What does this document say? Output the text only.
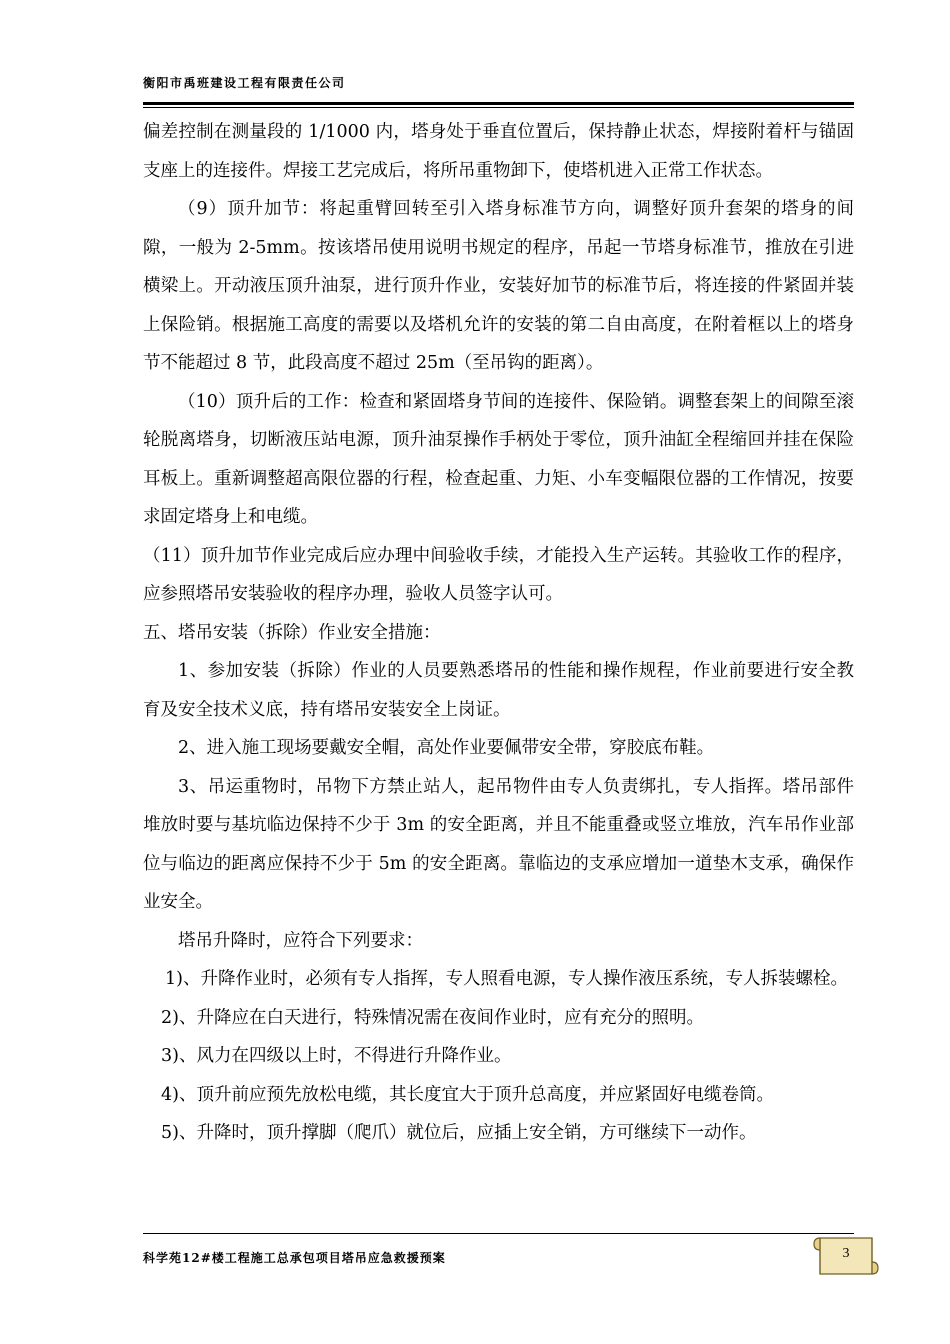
衡阳市禹班建设工程有限责任公司

偏差控制在测量段的 1/1000 内，塔身处于垂直位置后，保持静止状态，焊接附着杆与锚固支座上的连接件。焊接工艺完成后，将所吊重物卸下，使塔机进入正常工作状态。

（9）顶升加节：将起重臂回转至引入塔身标准节方向，调整好顶升套架的塔身的间隙，一般为 2-5mm。按该塔吊使用说明书规定的程序，吊起一节塔身标准节，推放在引进横梁上。开动液压顶升油泵，进行顶升作业，安装好加节的标准节后，将连接的件紧固并装上保险销。根据施工高度的需要以及塔机允许的安装的第二自由高度，在附着框以上的塔身节不能超过 8 节，此段高度不超过 25m（至吊钩的距离）。

（10）顶升后的工作：检查和紧固塔身节间的连接件、保险销。调整套架上的间隙至滚轮脱离塔身，切断液压站电源，顶升油泵操作手柄处于零位，顶升油缸全程缩回并挂在保险耳板上。重新调整超高限位器的行程，检查起重、力矩、小车变幅限位器的工作情况，按要求固定塔身上和电缆。

（11）顶升加节作业完成后应办理中间验收手续，才能投入生产运转。其验收工作的程序，应参照塔吊安装验收的程序办理，验收人员签字认可。

五、塔吊安装（拆除）作业安全措施：

1、参加安装（拆除）作业的人员要熟悉塔吊的性能和操作规程，作业前要进行安全教育及安全技术义底，持有塔吊安装安全上岗证。

2、进入施工现场要戴安全帽，高处作业要佩带安全带，穿胶底布鞋。

3、吊运重物时，吊物下方禁止站人，起吊物件由专人负责绑扎，专人指挥。塔吊部件堆放时要与基坑临边保持不少于 3m 的安全距离，并且不能重叠或竖立堆放，汽车吊作业部位与临边的距离应保持不少于 5m 的安全距离。靠临边的支承应增加一道垫木支承，确保作业安全。

塔吊升降时，应符合下列要求：

1)、升降作业时，必须有专人指挥，专人照看电源，专人操作液压系统，专人拆装螺栓。

2)、升降应在白天进行，特殊情况需在夜间作业时，应有充分的照明。

3)、风力在四级以上时，不得进行升降作业。

4)、顶升前应预先放松电缆，其长度宜大于顶升总高度，并应紧固好电缆卷筒。

5)、升降时，顶升撑脚（爬爪）就位后，应插上安全销，方可继续下一动作。

科学苑12#楼工程施工总承包项目塔吊应急救援预案	3
